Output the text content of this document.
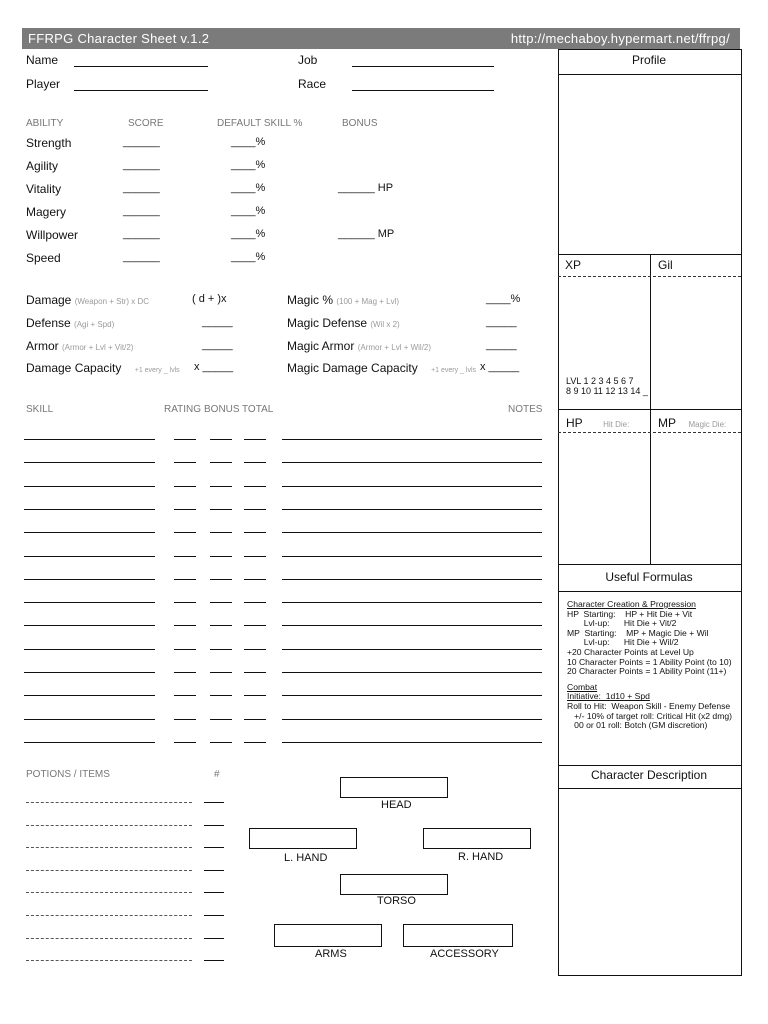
FFRPG Character Sheet v.1.2	http://mechaboy.hypermart.net/ffrpg/
Name
Player
Job
Race
ABILITY	SCORE	DEFAULT SKILL %	BONUS
Strength	______	____%
Agility	______	____%
Vitality	______	____%	______ HP
Magery	______	____%
Willpower	______	____%	______ MP
Speed	______	____%
Damage (Weapon + Str) x DC	( d + )x
Defense (Agi + Spd)	_____
Armor (Armor + Lvl + Vit/2)	_____
Damage Capacity +1 every _ lvls x _____
Magic % (100 + Mag + Lvl)	____%
Magic Defense (Wil x 2)	_____
Magic Armor (Armor + Lvl + Wil/2)	_____
Magic Damage Capacity +1 every _ lvls x _____
SKILL	RATING BONUS TOTAL	NOTES
POTIONS / ITEMS	#
HEAD
L. HAND	R. HAND
TORSO
ARMS	ACCESSORY
Profile
XP	Gil
LVL 1 2 3 4 5 6 7
8 9 10 11 12 13 14 _
HP	Hit Die: MP Magic Die:
Useful Formulas
Character Creation & Progression
HP  Starting:    HP + Hit Die + Vit
Lvl-up:      Hit Die + Vit/2
MP  Starting:    MP + Magic Die + Wil
Lvl-up:      Hit Die + Wil/2
+20 Character Points at Level Up
10 Character Points = 1 Ability Point (to 10)
20 Character Points = 1 Ability Point (11+)
Combat
Initiative:  1d10 + Spd
Roll to Hit:  Weapon Skill - Enemy Defense
+/- 10% of target roll: Critical Hit (x2 dmg)
00 or 01 roll: Botch (GM discretion)
Character Description
